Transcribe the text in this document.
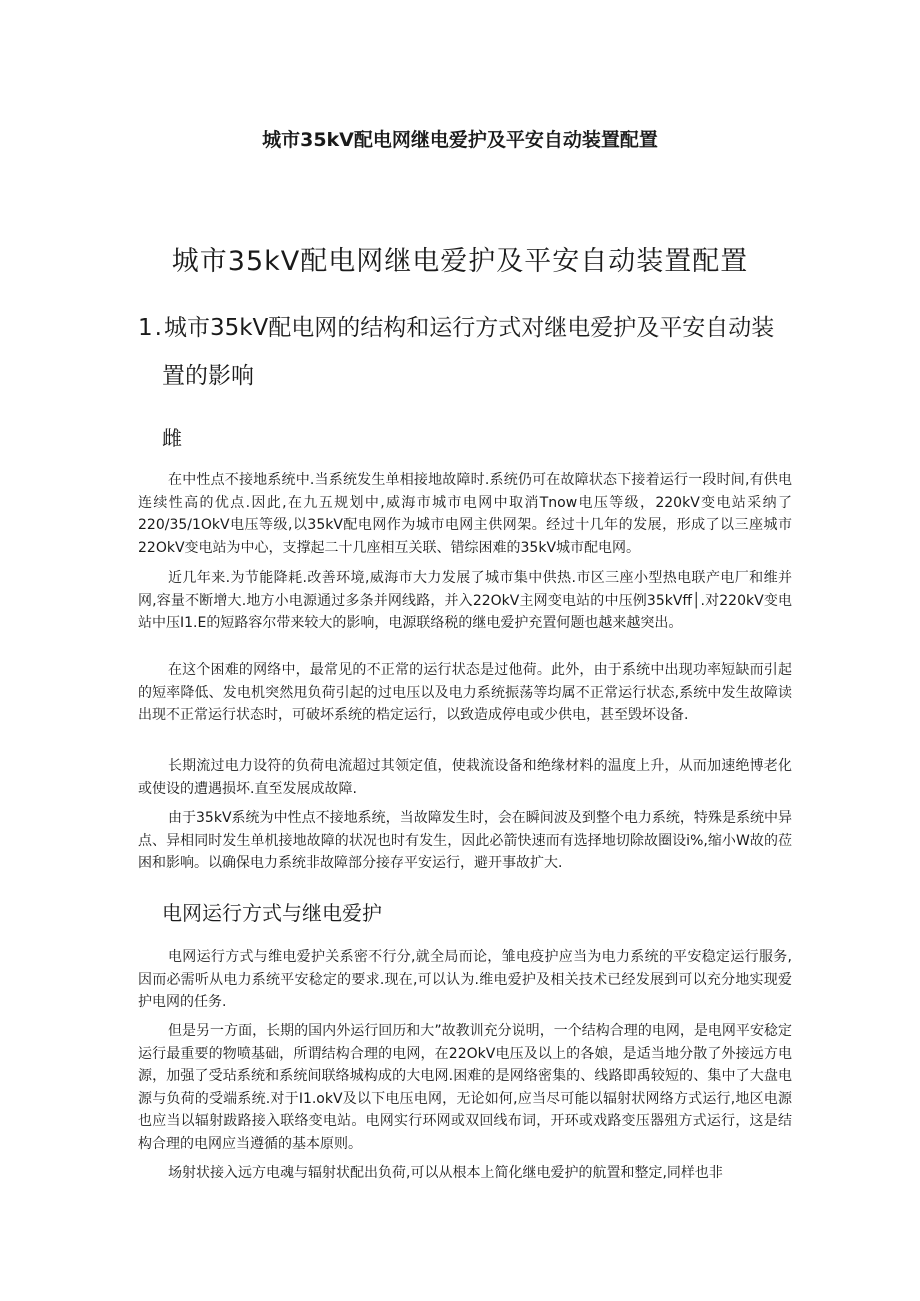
城市35kV配电网继电爱护及平安自动装置配置
城市35kV配电网继电爱护及平安自动装置配置
1.城市35kV配电网的结构和运行方式对继电爱护及平安自动装
置的影响
雌

在中性点不接地系统中.当系统发生单相接地故障时.系统仍可在故障状态下接着运行一段时间,有供电连续性高的优点.因此,在九五规划中,威海市城市电网中取消Tnow电压等级，220kV变电站采纳了220/35/1OkV电压等级,以35kV配电网作为城市电网主供网架。经过十几年的发展，形成了以三座城市22OkV变电站为中心，支撑起二十几座相互关联、错综困难的35kV城市配电网。

近几年来.为节能降耗.改善环境,威海市大力发展了城市集中供热.市区三座小型热电联产电厂和维并网,容量不断增大.地方小电源通过多条并网线路，并入22OkV主网变电站的中压例35kVff│.对220kV变电站中压I1.E的短路容尔带来较大的影响，电源联络税的继电爱护充置何题也越来越突出。

在这个困难的网络中，最常见的不正常的运行状态是过他荷。此外，由于系统中出现功率短缺而引起的短率降低、发电机突然甩负荷引起的过电压以及电力系统振荡等均属不正常运行状态,系统中发生故障读出现不正常运行状态时，可破坏系统的梏定运行，以致造成停电或少供电，甚至毁坏设备.

长期流过电力设符的负荷电流超过其领定值，使栽流设备和绝缘材料的温度上升，从而加速绝博老化或使设的遭遇损坏.直至发展成故障.

由于35kV系统为中性点不接地系统，当故障发生时，会在瞬间波及到整个电力系统，特殊是系统中异点、异相同时发生单机接地故障的状况也时有发生，因此必箭快速而有选择地切除故圈设i%,缩小W故的莅困和影响。以确保电力系统非故障部分接存平安运行，避开事故扩大.

电网运行方式与继电爱护

电网运行方式与维电爱护关系密不行分,就全局而论，雏电疫护应当为电力系统的平安稳定运行服务,因而必需听从电力系统平安稔定的要求.现在,可以认为.维电爱护及相关技术已经发展到可以充分地实现爱护电网的任务.

但是另一方面，长期的国内外运行回历和大”故教训充分说明，一个结构合理的电网，是电网平安稔定运行最重要的物喷基础，所谓结构合理的电网，在22OkV电压及以上的各娘，是适当地分散了外接远方电源，加强了受玷系统和系统间联络城构成的大电网.困难的是网络密集的、线路即禹较短的、集中了大盘电源与负荷的受端系统.对于I1.okV及以下电压电网，无论如何,应当尽可能以辐射状网络方式运行,地区电源也应当以辐射跋路接入联络变电站。电网实行环网或双回线布词，开环或戏路变压器殂方式运行，这是结构合理的电网应当遵循的基本原则。

场射状接入远方电魂与辐射状配出负荷,可以从根本上简化继电爱护的航置和整定,同样也非
